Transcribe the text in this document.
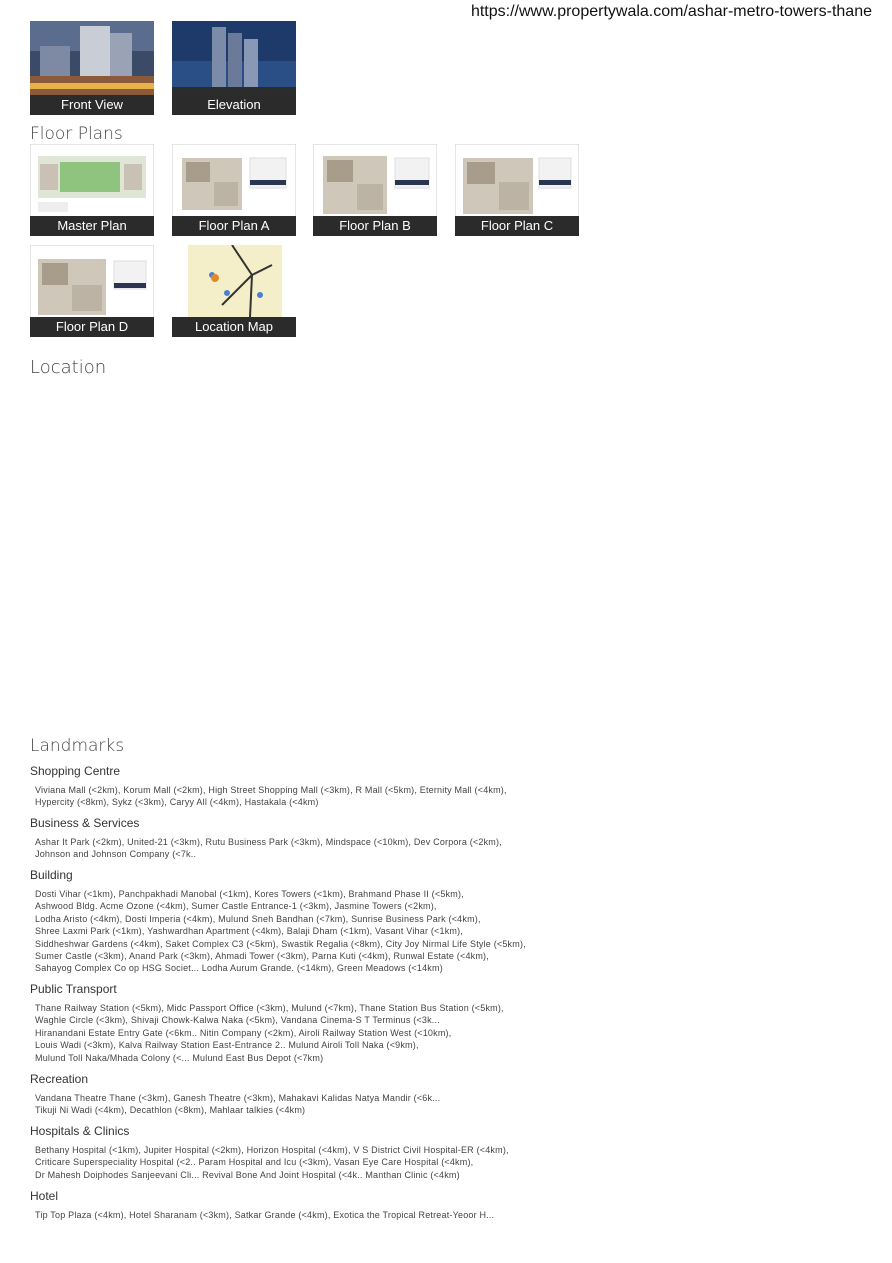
https://www.propertywala.com/ashar-metro-towers-thane
Front View	Elevation
Floor Plans
Master Plan	Floor Plan A	Floor Plan B	Floor Plan C
Floor Plan D	Location Map
Location
Landmarks
Shopping Centre
Viviana Mall (<2km), Korum Mall (<2km), High Street Shopping Mall (<3km), R Mall (<5km), Eternity Mall (<4km),
Hypercity (<8km), Sykz (<3km), Caryy All (<4km), Hastakala (<4km)
Business & Services
Ashar It Park (<2km), United-21 (<3km), Rutu Business Park (<3km), Mindspace (<10km), Dev Corpora (<2km),
Johnson and Johnson Company (<7k..
Building
Dosti Vihar (<1km), Panchpakhadi Manobal (<1km), Kores Towers (<1km), Brahmand Phase II (<5km),
Ashwood Bldg. Acme Ozone (<4km), Sumer Castle Entrance-1 (<3km), Jasmine Towers (<2km),
Lodha Aristo (<4km), Dosti Imperia (<4km), Mulund Sneh Bandhan (<7km), Sunrise Business Park (<4km),
Shree Laxmi Park (<1km), Yashwardhan Apartment (<4km), Balaji Dham (<1km), Vasant Vihar (<1km),
Siddheshwar Gardens (<4km), Saket Complex C3 (<5km), Swastik Regalia (<8km), City Joy Nirmal Life Style (<5km),
Sumer Castle (<3km), Anand Park (<3km), Ahmadi Tower (<3km), Parna Kuti (<4km), Runwal Estate (<4km),
Sahayog Complex Co op HSG Societ... Lodha Aurum Grande. (<14km), Green Meadows (<14km)
Public Transport
Thane Railway Station (<5km), Midc Passport Office (<3km), Mulund (<7km), Thane Station Bus Station (<5km),
Waghle Circle (<3km), Shivaji Chowk-Kalwa Naka (<5km), Vandana Cinema-S T Terminus (<3k...
Hiranandani Estate Entry Gate (<6km.. Nitin Company (<2km), Airoli Railway Station West (<10km),
Louis Wadi (<3km), Kalva Railway Station East-Entrance 2.. Mulund Airoli Toll Naka (<9km),
Mulund Toll Naka/Mhada Colony (<... Mulund East Bus Depot (<7km)
Recreation
Vandana Theatre Thane (<3km), Ganesh Theatre (<3km), Mahakavi Kalidas Natya Mandir (<6k...
Tikuji Ni Wadi (<4km), Decathlon (<8km), Mahlaar talkies (<4km)
Hospitals & Clinics
Bethany Hospital (<1km), Jupiter Hospital (<2km), Horizon Hospital (<4km), V S District Civil Hospital-ER (<4km),
Criticare Superspeciality Hospital (<2.. Param Hospital and Icu (<3km), Vasan Eye Care Hospital (<4km),
Dr Mahesh Doiphodes Sanjeevani Cli... Revival Bone And Joint Hospital (<4k.. Manthan Clinic (<4km)
Hotel
Tip Top Plaza (<4km), Hotel Sharanam (<3km), Satkar Grande (<4km), Exotica the Tropical Retreat-Yeoor H...
